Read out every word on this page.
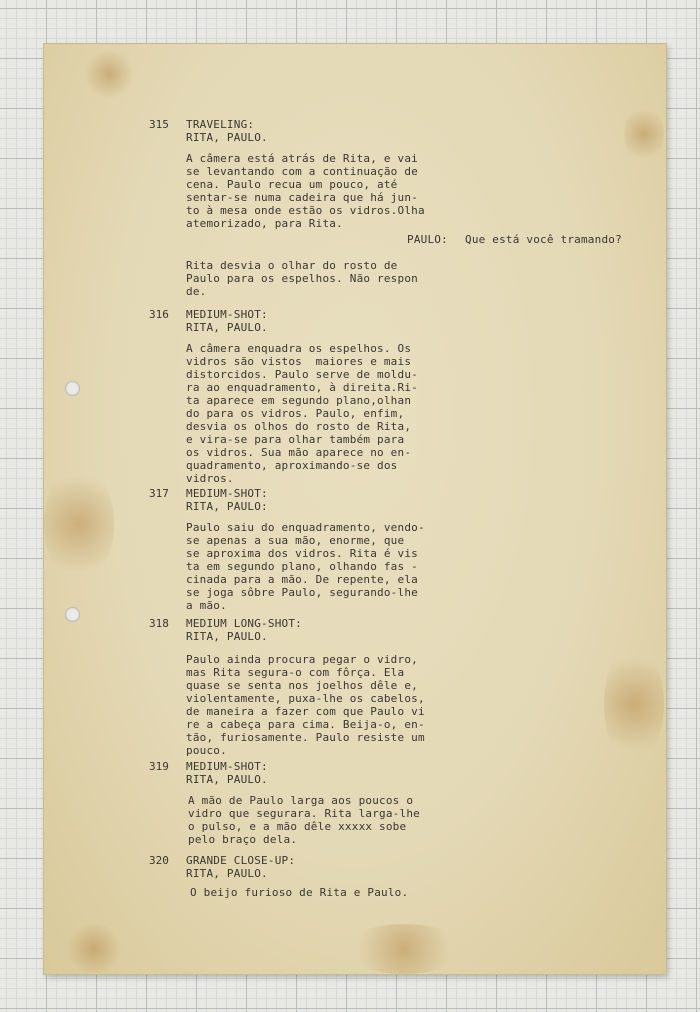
315 TRAVELING:
RITA, PAULO.
A câmera está atrás de Rita, e vai
se levantando com a continuação de
cena. Paulo recua um pouco, até
sentar-se numa cadeira que há jun-
to à mesa onde estão os vidros.Olha
atemorizado, para Rita.
PAULO: Que está você tramando?
Rita desvia o olhar do rosto de
Paulo para os espelhos. Não respon
de.
316 MEDIUM-SHOT:
RITA, PAULO.
A câmera enquadra os espelhos. Os
vidros são vistos  maiores e mais
distorcidos. Paulo serve de moldu-
ra ao enquadramento, à direita.Ri-
ta aparece em segundo plano,olhan
do para os vidros. Paulo, enfim,
desvia os olhos do rosto de Rita,
e vira-se para olhar também para
os vidros. Sua mão aparece no en-
quadramento, aproximando-se dos
vidros.
317 MEDIUM-SHOT:
RITA, PAULO:
Paulo saiu do enquadramento, vendo-
se apenas a sua mão, enorme, que
se aproxima dos vidros. Rita é vis
ta em segundo plano, olhando fas -
cinada para a mão. De repente, ela
se joga sôbre Paulo, segurando-lhe
a mão.
318 MEDIUM LONG-SHOT:
RITA, PAULO.
Paulo ainda procura pegar o vidro,
mas Rita segura-o com fôrça. Ela
quase se senta nos joelhos dêle e,
violentamente, puxa-lhe os cabelos,
de maneira a fazer com que Paulo vi
re a cabeça para cima. Beija-o, en-
tão, furiosamente. Paulo resiste um
pouco.
319 MEDIUM-SHOT:
RITA, PAULO.
A mão de Paulo larga aos poucos o
vidro que segurara. Rita larga-lhe
o pulso, e a mão dêle xxxxx sobe
pelo braço dela.
320 GRANDE CLOSE-UP:
RITA, PAULO.
O beijo furioso de Rita e Paulo.
